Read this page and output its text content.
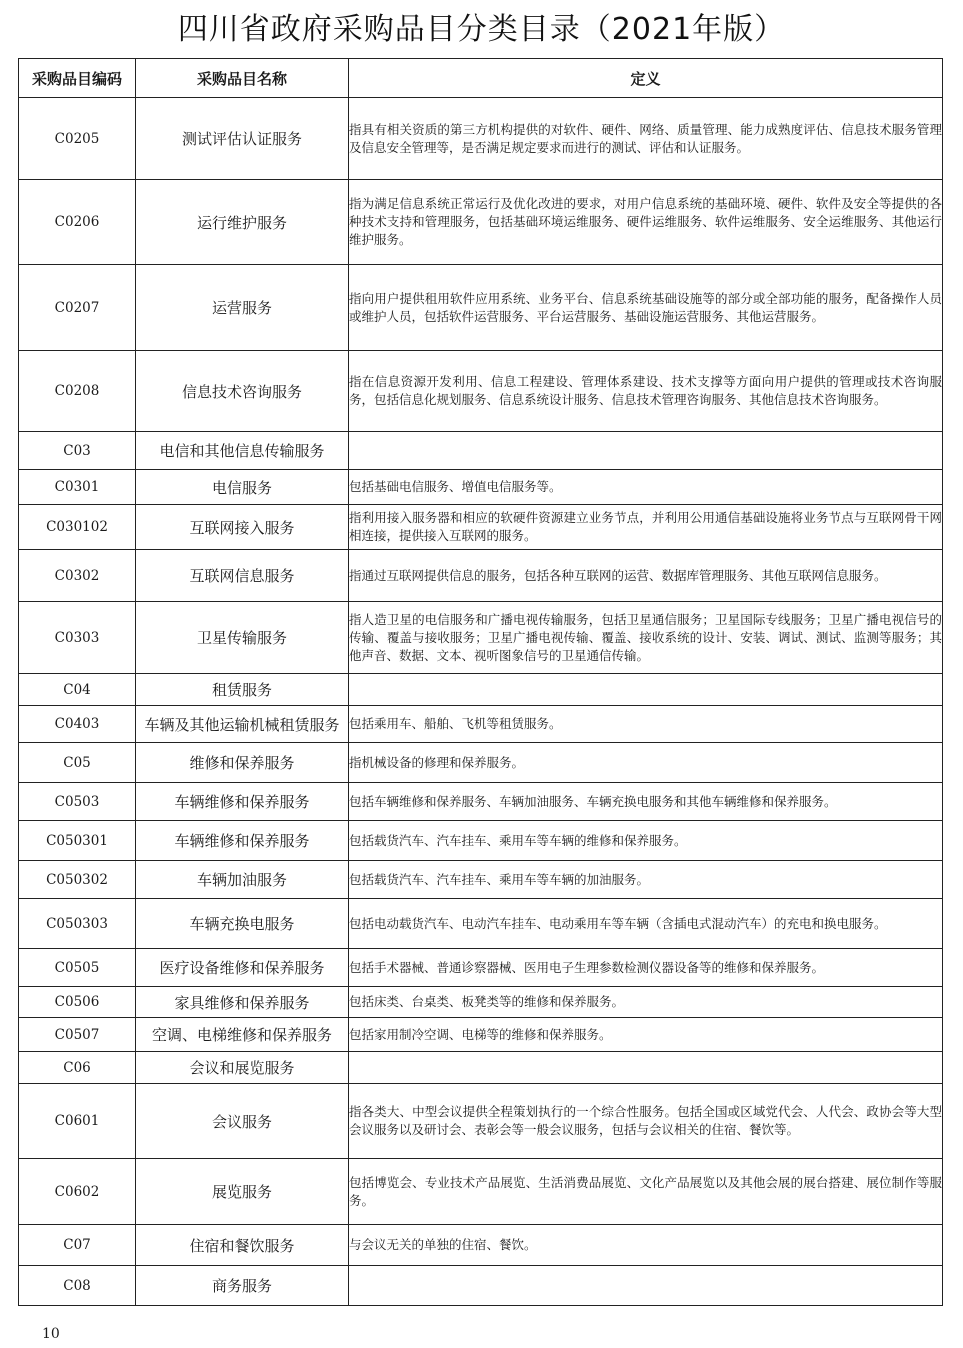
四川省政府采购品目分类目录（2021年版）
采购品目编码	采购品目名称	定义
C0205	测试评估认证服务	指具有相关资质的第三方机构提供的对软件、硬件、网络、质量管理、能力成熟度评估、信息技术服务管理及信息安全管理等，是否满足规定要求而进行的测试、评估和认证服务。
C0206	运行维护服务	指为满足信息系统正常运行及优化改进的要求，对用户信息系统的基础环境、硬件、软件及安全等提供的各种技术支持和管理服务，包括基础环境运维服务、硬件运维服务、软件运维服务、安全运维服务、其他运行维护服务。
C0207	运营服务	指向用户提供租用软件应用系统、业务平台、信息系统基础设施等的部分或全部功能的服务，配备操作人员或维护人员，包括软件运营服务、平台运营服务、基础设施运营服务、其他运营服务。
C0208	信息技术咨询服务	指在信息资源开发利用、信息工程建设、管理体系建设、技术支撑等方面向用户提供的管理或技术咨询服务，包括信息化规划服务、信息系统设计服务、信息技术管理咨询服务、其他信息技术咨询服务。
C03	电信和其他信息传输服务	
C0301	电信服务	包括基础电信服务、增值电信服务等。
C030102	互联网接入服务	指利用接入服务器和相应的软硬件资源建立业务节点，并利用公用通信基础设施将业务节点与互联网骨干网相连接，提供接入互联网的服务。
C0302	互联网信息服务	指通过互联网提供信息的服务，包括各种互联网的运营、数据库管理服务、其他互联网信息服务。
C0303	卫星传输服务	指人造卫星的电信服务和广播电视传输服务，包括卫星通信服务；卫星国际专线服务；卫星广播电视信号的传输、覆盖与接收服务；卫星广播电视传输、覆盖、接收系统的设计、安装、调试、测试、监测等服务；其他声音、数据、文本、视听图象信号的卫星通信传输。
C04	租赁服务	
C0403	车辆及其他运输机械租赁服务	包括乘用车、船舶、飞机等租赁服务。
C05	维修和保养服务	指机械设备的修理和保养服务。
C0503	车辆维修和保养服务	包括车辆维修和保养服务、车辆加油服务、车辆充换电服务和其他车辆维修和保养服务。
C050301	车辆维修和保养服务	包括载货汽车、汽车挂车、乘用车等车辆的维修和保养服务。
C050302	车辆加油服务	包括载货汽车、汽车挂车、乘用车等车辆的加油服务。
C050303	车辆充换电服务	包括电动载货汽车、电动汽车挂车、电动乘用车等车辆（含插电式混动汽车）的充电和换电服务。
C0505	医疗设备维修和保养服务	包括手术器械、普通诊察器械、医用电子生理参数检测仪器设备等的维修和保养服务。
C0506	家具维修和保养服务	包括床类、台桌类、板凳类等的维修和保养服务。
C0507	空调、电梯维修和保养服务	包括家用制冷空调、电梯等的维修和保养服务。
C06	会议和展览服务	
C0601	会议服务	指各类大、中型会议提供全程策划执行的一个综合性服务。包括全国或区域党代会、人代会、政协会等大型会议服务以及研讨会、表彰会等一般会议服务，包括与会议相关的住宿、餐饮等。
C0602	展览服务	包括博览会、专业技术产品展览、生活消费品展览、文化产品展览以及其他会展的展台搭建、展位制作等服务。
C07	住宿和餐饮服务	与会议无关的单独的住宿、餐饮。
C08	商务服务	
10
